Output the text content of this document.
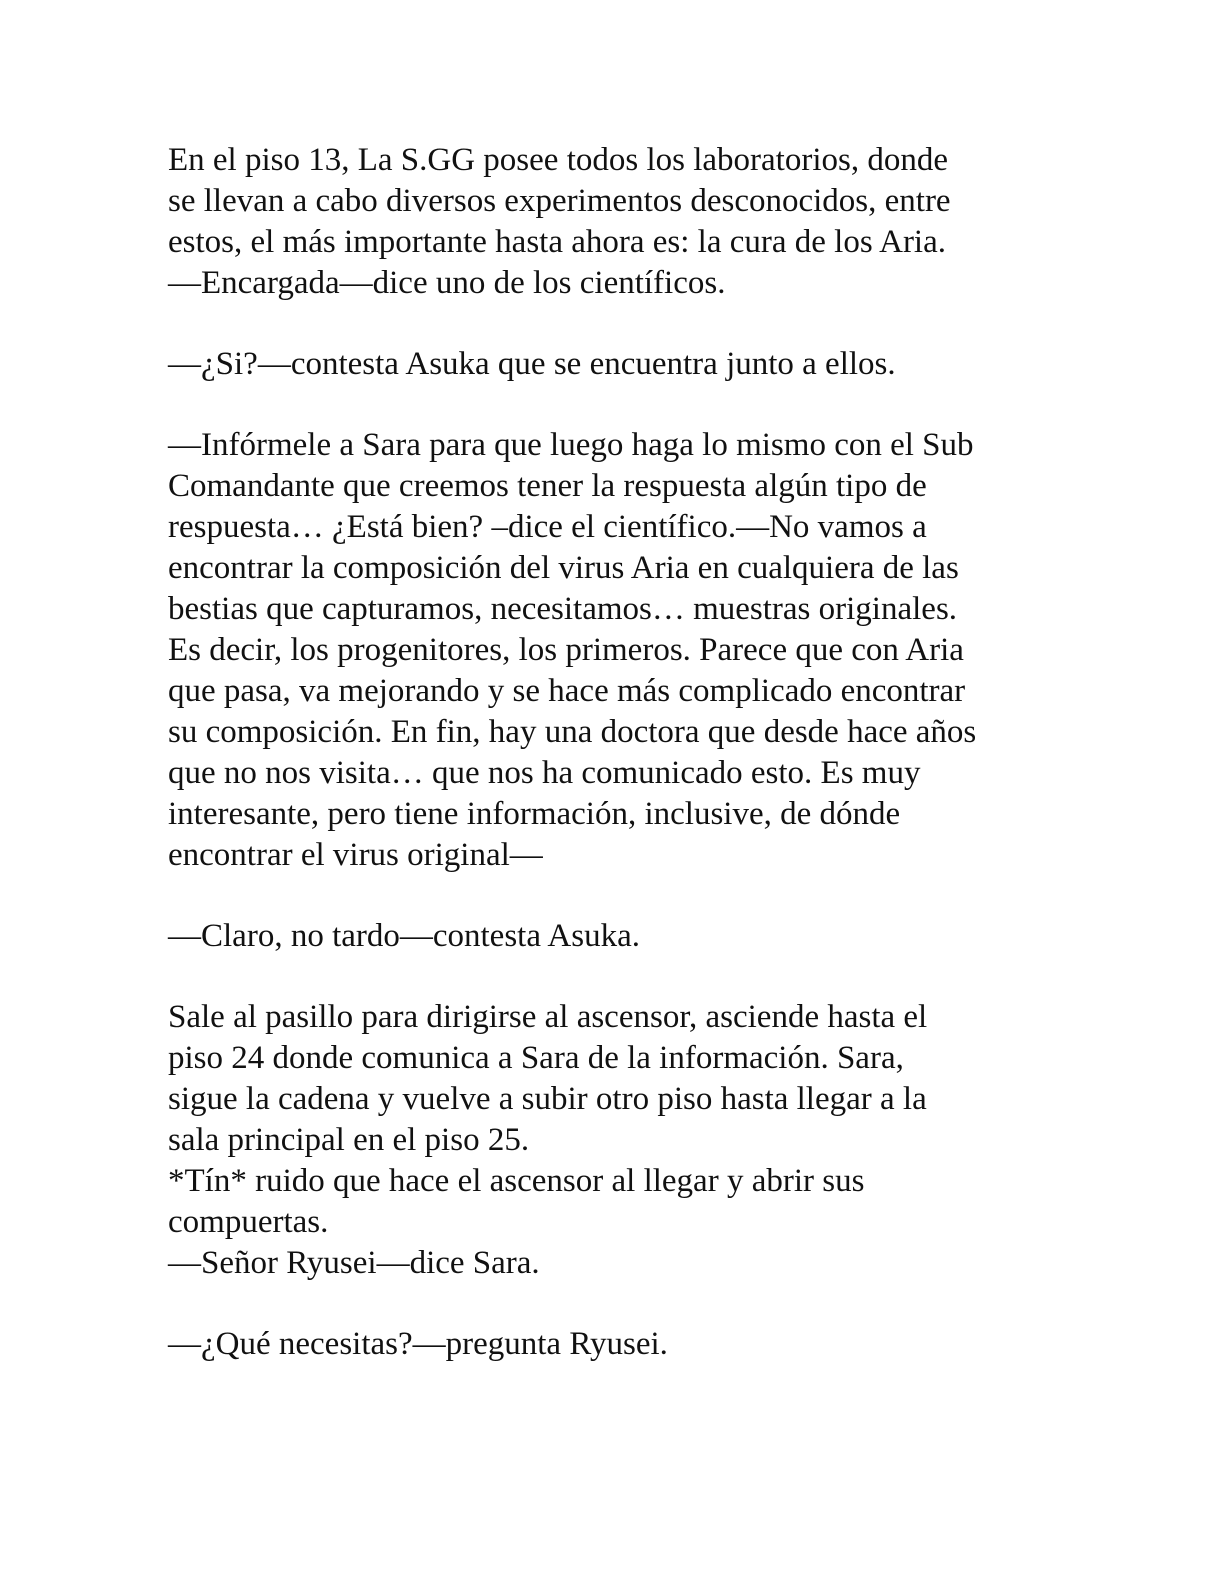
En el piso 13, La S.GG posee todos los laboratorios, donde
se llevan a cabo diversos experimentos desconocidos, entre
estos, el más importante hasta ahora es: la cura de los Aria.
—Encargada—dice uno de los científicos.
—¿Si?—contesta Asuka que se encuentra junto a ellos.
—Infórmele a Sara para que luego haga lo mismo con el Sub
Comandante que creemos tener la respuesta algún tipo de
respuesta… ¿Está bien? –dice el científico.—No vamos a
encontrar la composición del virus Aria en cualquiera de las
bestias que capturamos, necesitamos… muestras originales.
Es decir, los progenitores, los primeros. Parece que con Aria
que pasa, va mejorando y se hace más complicado encontrar
su composición. En fin, hay una doctora que desde hace años
que no nos visita… que nos ha comunicado esto. Es muy
interesante, pero tiene información, inclusive, de dónde
encontrar el virus original—
—Claro, no tardo—contesta Asuka.
Sale al pasillo para dirigirse al ascensor, asciende hasta el
piso 24 donde comunica a Sara de la información. Sara,
sigue la cadena y vuelve a subir otro piso hasta llegar a la
sala principal en el piso 25.
*Tín* ruido que hace el ascensor al llegar y abrir sus
compuertas.
—Señor Ryusei—dice Sara.
—¿Qué necesitas?—pregunta Ryusei.
